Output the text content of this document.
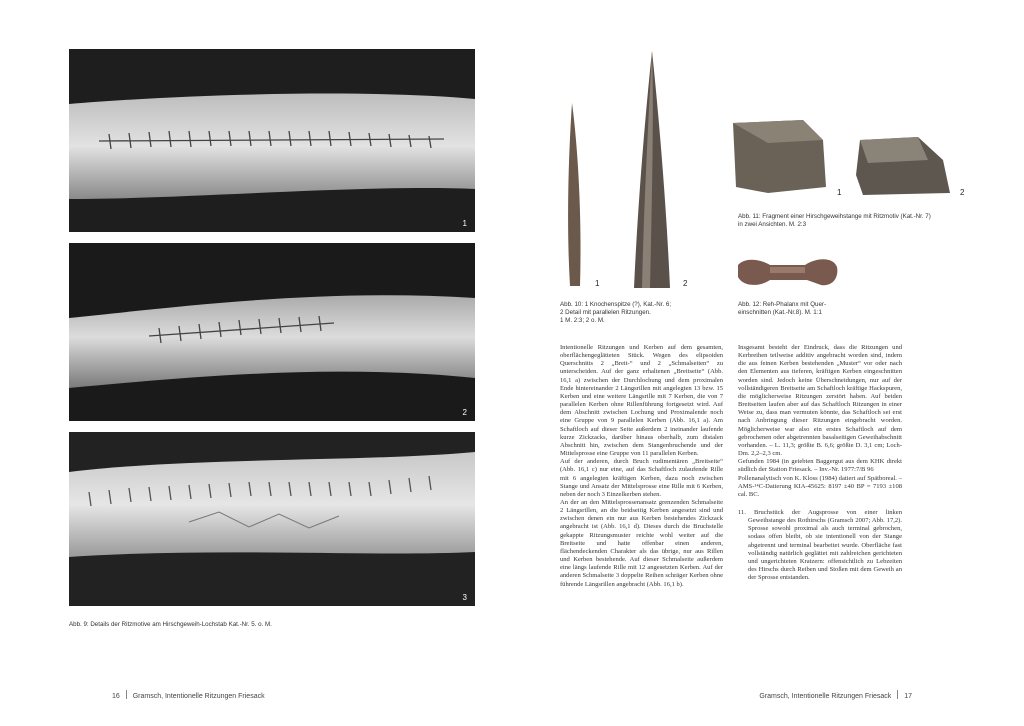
1
2
3
Abb. 9: Details der Ritzmotive am Hirschgeweih-Lochstab Kat.-Nr. 5. o. M.
16 Gramsch, Intentionelle Ritzungen Friesack
1	2
Abb. 10: 1 Knochenspitze (?), Kat.-Nr. 6;
2 Detail mit parallelen Ritzungen.
1 M. 2:3; 2 o. M.
1	2
Abb. 11: Fragment einer Hirschgeweihstange mit Ritzmotiv (Kat.-Nr. 7)
in zwei Ansichten. M. 2:3
Abb. 12: Reh-Phalanx mit Quer-
einschnitten (Kat.-Nr.8). M. 1:1

Intentionelle Ritzungen und Kerben auf dem gesamten, oberflächengeglätteten Stück. Wegen des elipsoiden Querschnitts 2 „Breit-“ und 2 „Schmalseiten“ zu unterscheiden. Auf der ganz erhaltenen „Breitseite“ (Abb. 16,1 a) zwischen der Durchlochung und dem proximalen Ende hintereinander 2 Längsrillen mit angelegten 13 bzw. 15 Kerben und eine weitere Längsrille mit 7 Kerben, die von 7 parallelen Kerben ohne Rillenführung fortgesetzt wird. Auf dem Abschnitt zwischen Lochung und Proximalende noch eine Gruppe von 9 parallelen Kerben (Abb. 16,1 a). Am Schaftloch auf dieser Seite außerdem 2 ineinander laufende kurze Zickzacks, darüber hinaus oberhalb, zum distalen Abschnitt hin, zwischen dem Stangenbruchende und der Mittelsprosse eine Gruppe von 11 parallelen Kerben.

Auf der anderen, durch Bruch rudimentären „Breitseite“ (Abb. 16,1 c) nur eine, auf das Schaftloch zulaufende Rille mit 6 angelegten kräftigen Kerben, dazu noch zwischen Stange und Ansatz der Mittelsprosse eine Rille mit 6 Kerben, neben der noch 3 Einzelkerben stehen.

An der an den Mittelsprossenansatz grenzenden Schmalseite 2 Längsrillen, an die beidseitig Kerben angesetzt sind und zwischen denen ein nur aus Kerben bestehendes Zickzack angebracht ist (Abb. 16,1 d). Dieses durch die Bruchstelle gekappte Ritzungsmuster reichte wohl weiter auf die Breitseite und hatte offenbar einen anderen, flächendeckenden Charakter als das übrige, nur aus Rillen und Kerben bestehende. Auf dieser Schmalseite außerdem eine längs laufende Rille mit 12 angesetzten Kerben. Auf der anderen Schmalseite 3 doppelte Reihen schräger Kerben ohne führende Längsrillen angebracht (Abb. 16,1 b).

Insgesamt besteht der Eindruck, dass die Ritzungen und Kerbreihen teilweise additiv angebracht worden sind, indem die aus feinen Kerben bestehenden „Muster“ vor oder nach den Elementen aus tieferen, kräftigen Kerben eingeschnitten worden sind. Jedoch keine Überschneidungen, nur auf der vollständigeren Breitseite am Schaftloch kräftige Hackspuren, die möglicherweise Ritzungen zerstört haben. Auf beiden Breitseiten laufen aber auf das Schaftloch Ritzungen in einer Weise zu, dass man vermuten könnte, das Schaftloch sei erst nach Anbringung dieser Ritzungen eingebracht worden. Möglicherweise war also ein erstes Schaftloch auf dem gebrochenen oder abgetrennten basalseitigen Geweihabschnitt vorhanden. – L. 11,3; größte B. 6,6; größte D. 3,1 cm; Loch-Dm. 2,2–2,3 cm.

Gefunden 1984 (in geiebten Baggergut aus dem KHK direkt südlich der Station Friesack. – Inv.-Nr. 1977:7/B 96

Pollenanalytisch von K. Kloss (1984) datiert auf Spätboreal. – AMS-¹⁴C-Datierung KIA-45625: 8197 ±40 BP = 7193 ±108 cal. BC.

11. Bruchstück der Augsprosse von einer linken Geweihstange des Rothirschs (Gramsch 2007; Abb. 17,2). Sprosse sowohl proximal als auch terminal gebrochen, sodass offen bleibt, ob sie intentionell von der Stange abgetrennt und terminal bearbeitet wurde. Oberfläche fast vollständig natürlich geglättet mit zahlreichen gerichteten und ungerichteten Kratzern: offensichtlich zu Lebzeiten des Hirschs durch Reiben und Stoßen mit dem Geweih an der Sprosse entstanden.

Gramsch, Intentionelle Ritzungen Friesack 17
